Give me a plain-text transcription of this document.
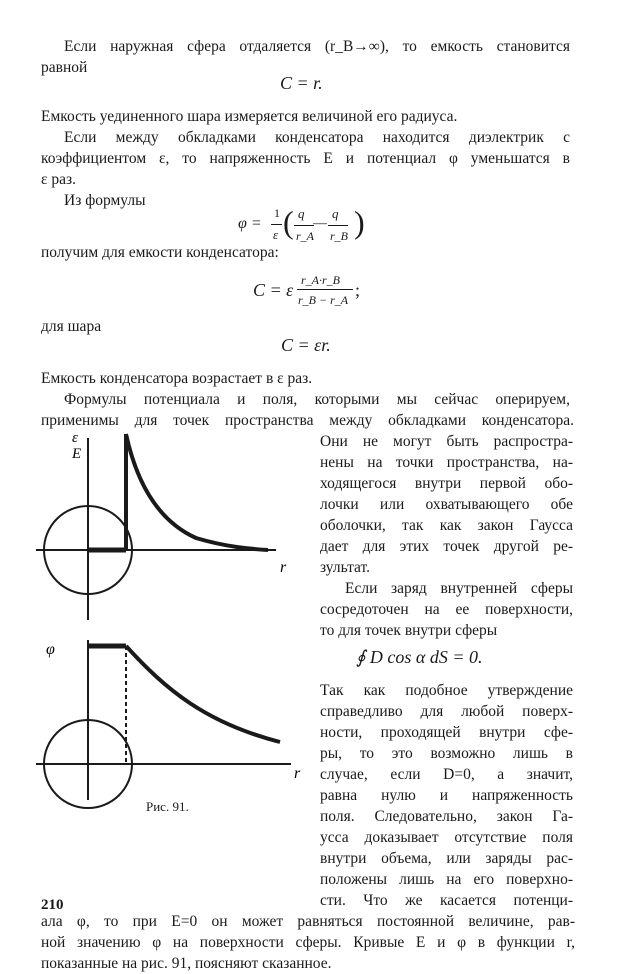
Если наружная сфера отдаляется (r_B→∞), то емкость становится
равной
C = r.
Емкость уединенного шара измеряется величиной его радиуса.
Если между обкладками конденсатора находится диэлектрик с
коэффициентом ε, то напряженность E и потенциал φ уменьшатся в
ε раз.
Из формулы
φ =
1
ε ( q
r_A
—
q
r_B )
получим для емкости конденсатора:
C = ε r_A·r_B
r_B − r_A ;
для шара
C = εr.
Емкость конденсатора возрастает в ε раз.
Формулы потенциала и поля, которыми мы сейчас оперируем,
применимы для точек пространства между обкладками конденсатора.
Они не могут быть распростра-
нены на точки пространства, на-
ходящегося внутри первой обо-
лочки или охватывающего обе
оболочки, так как закон Гаусса
дает для этих точек другой ре-
зультат.
Если заряд внутренней сферы
сосредоточен на ее поверхности,
то для точек внутри сферы
∮ D cos α dS = 0.
Так как подобное утверждение
справедливо для любой поверх-
ности, проходящей внутри сфе-
ры, то это возможно лишь в
случае, если D=0, а значит,
равна нулю и напряженность
поля. Следовательно, закон Га-
усса доказывает отсутствие поля
внутри объема, или заряды рас-
положены лишь на его поверхно-
сти. Что же касается потенци-
ала φ, то при E=0 он может равняться постоянной величине, рав-
ной значению φ на поверхности сферы. Кривые E и φ в функции r,
показанные на рис. 91, поясняют сказанное.
ε
E
r
φ
r
Рис. 91.
210
